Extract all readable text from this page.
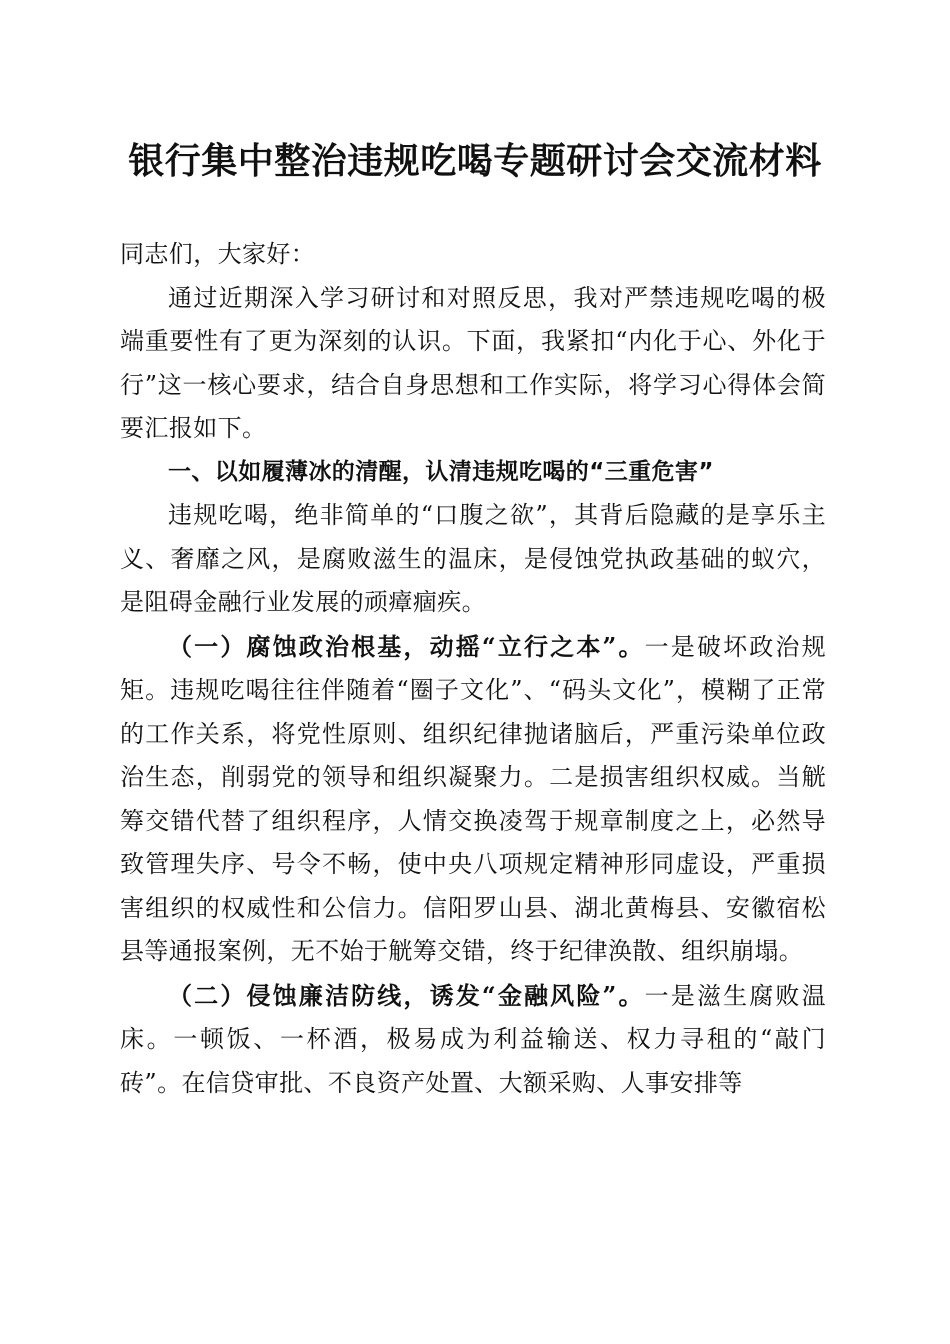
银行集中整治违规吃喝专题研讨会交流材料

同志们，大家好：

通过近期深入学习研讨和对照反思，我对严禁违规吃喝的极端重要性有了更为深刻的认识。下面，我紧扣“内化于心、外化于行”这一核心要求，结合自身思想和工作实际，将学习心得体会简要汇报如下。

一、以如履薄冰的清醒，认清违规吃喝的“三重危害”

违规吃喝，绝非简单的“口腹之欲”，其背后隐藏的是享乐主义、奢靡之风，是腐败滋生的温床，是侵蚀党执政基础的蚁穴，是阻碍金融行业发展的顽瘴痼疾。

（一）腐蚀政治根基，动摇“立行之本”。一是破坏政治规矩。违规吃喝往往伴随着“圈子文化”、“码头文化”，模糊了正常的工作关系，将党性原则、组织纪律抛诸脑后，严重污染单位政治生态，削弱党的领导和组织凝聚力。二是损害组织权威。当觥筹交错代替了组织程序，人情交换凌驾于规章制度之上，必然导致管理失序、号令不畅，使中央八项规定精神形同虚设，严重损害组织的权威性和公信力。信阳罗山县、湖北黄梅县、安徽宿松县等通报案例，无不始于觥筹交错，终于纪律涣散、组织崩塌。

（二）侵蚀廉洁防线，诱发“金融风险”。一是滋生腐败温床。一顿饭、一杯酒，极易成为利益输送、权力寻租的“敲门砖”。在信贷审批、不良资产处置、大额采购、人事安排等
